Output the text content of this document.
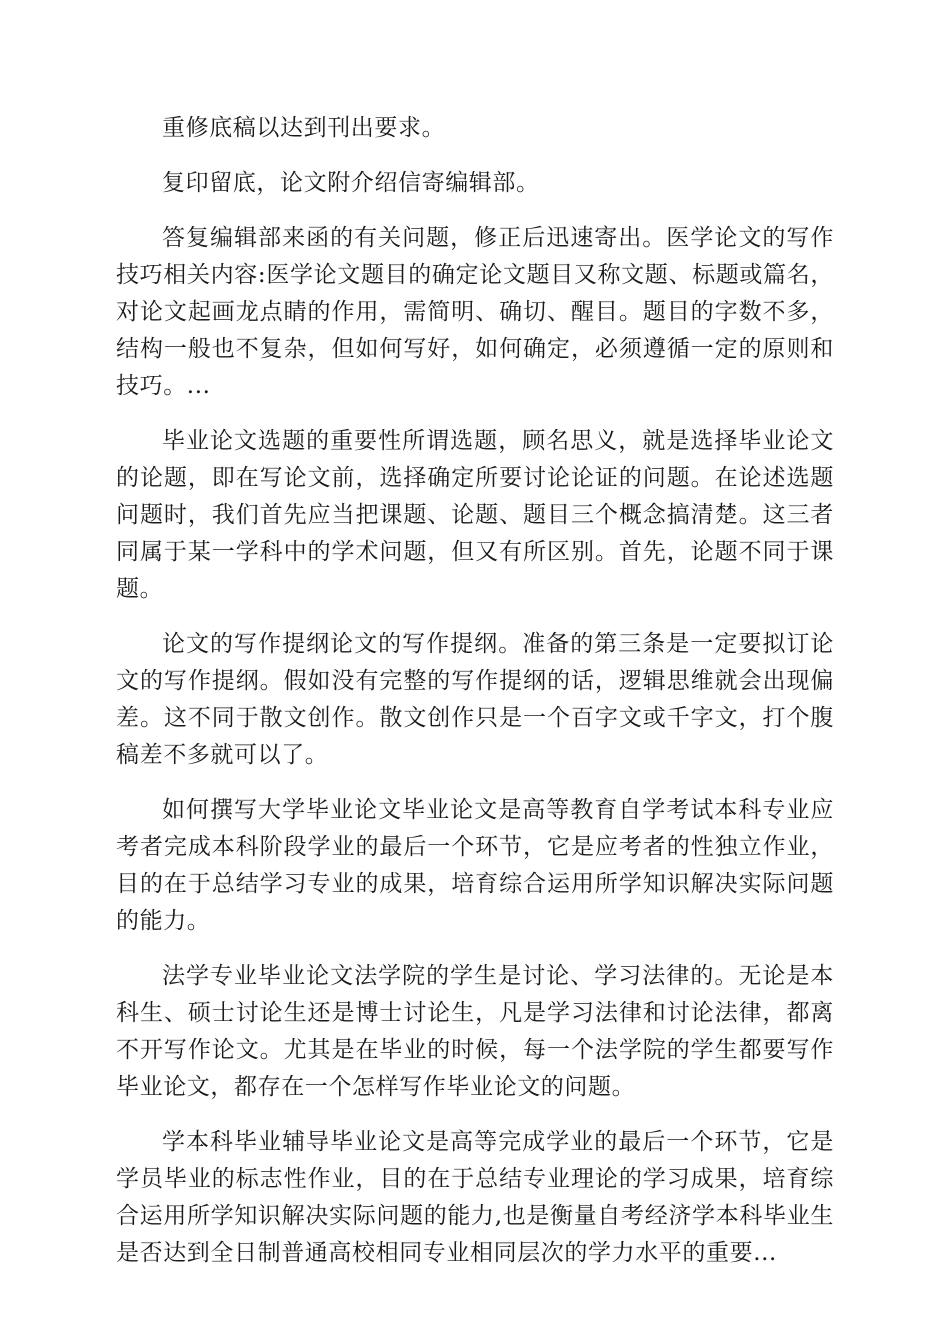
重修底稿以达到刊出要求。

复印留底，论文附介绍信寄编辑部。

答复编辑部来函的有关问题，修正后迅速寄出。医学论文的写作技巧相关内容:医学论文题目的确定论文题目又称文题、标题或篇名，对论文起画龙点睛的作用，需简明、确切、醒目。题目的字数不多，结构一般也不复杂，但如何写好，如何确定，必须遵循一定的原则和技巧。...

毕业论文选题的重要性所谓选题，顾名思义，就是选择毕业论文的论题，即在写论文前，选择确定所要讨论论证的问题。在论述选题问题时，我们首先应当把课题、论题、题目三个概念搞清楚。这三者同属于某一学科中的学术问题，但又有所区别。首先，论题不同于课题。

论文的写作提纲论文的写作提纲。准备的第三条是一定要拟订论文的写作提纲。假如没有完整的写作提纲的话，逻辑思维就会出现偏差。这不同于散文创作。散文创作只是一个百字文或千字文，打个腹稿差不多就可以了。

如何撰写大学毕业论文毕业论文是高等教育自学考试本科专业应考者完成本科阶段学业的最后一个环节，它是应考者的性独立作业，目的在于总结学习专业的成果，培育综合运用所学知识解决实际问题的能力。

法学专业毕业论文法学院的学生是讨论、学习法律的。无论是本科生、硕士讨论生还是博士讨论生，凡是学习法律和讨论法律，都离不开写作论文。尤其是在毕业的时候，每一个法学院的学生都要写作毕业论文，都存在一个怎样写作毕业论文的问题。

学本科毕业辅导毕业论文是高等完成学业的最后一个环节，它是学员毕业的标志性作业，目的在于总结专业理论的学习成果，培育综合运用所学知识解决实际问题的能力,也是衡量自考经济学本科毕业生是否达到全日制普通高校相同专业相同层次的学力水平的重要...
